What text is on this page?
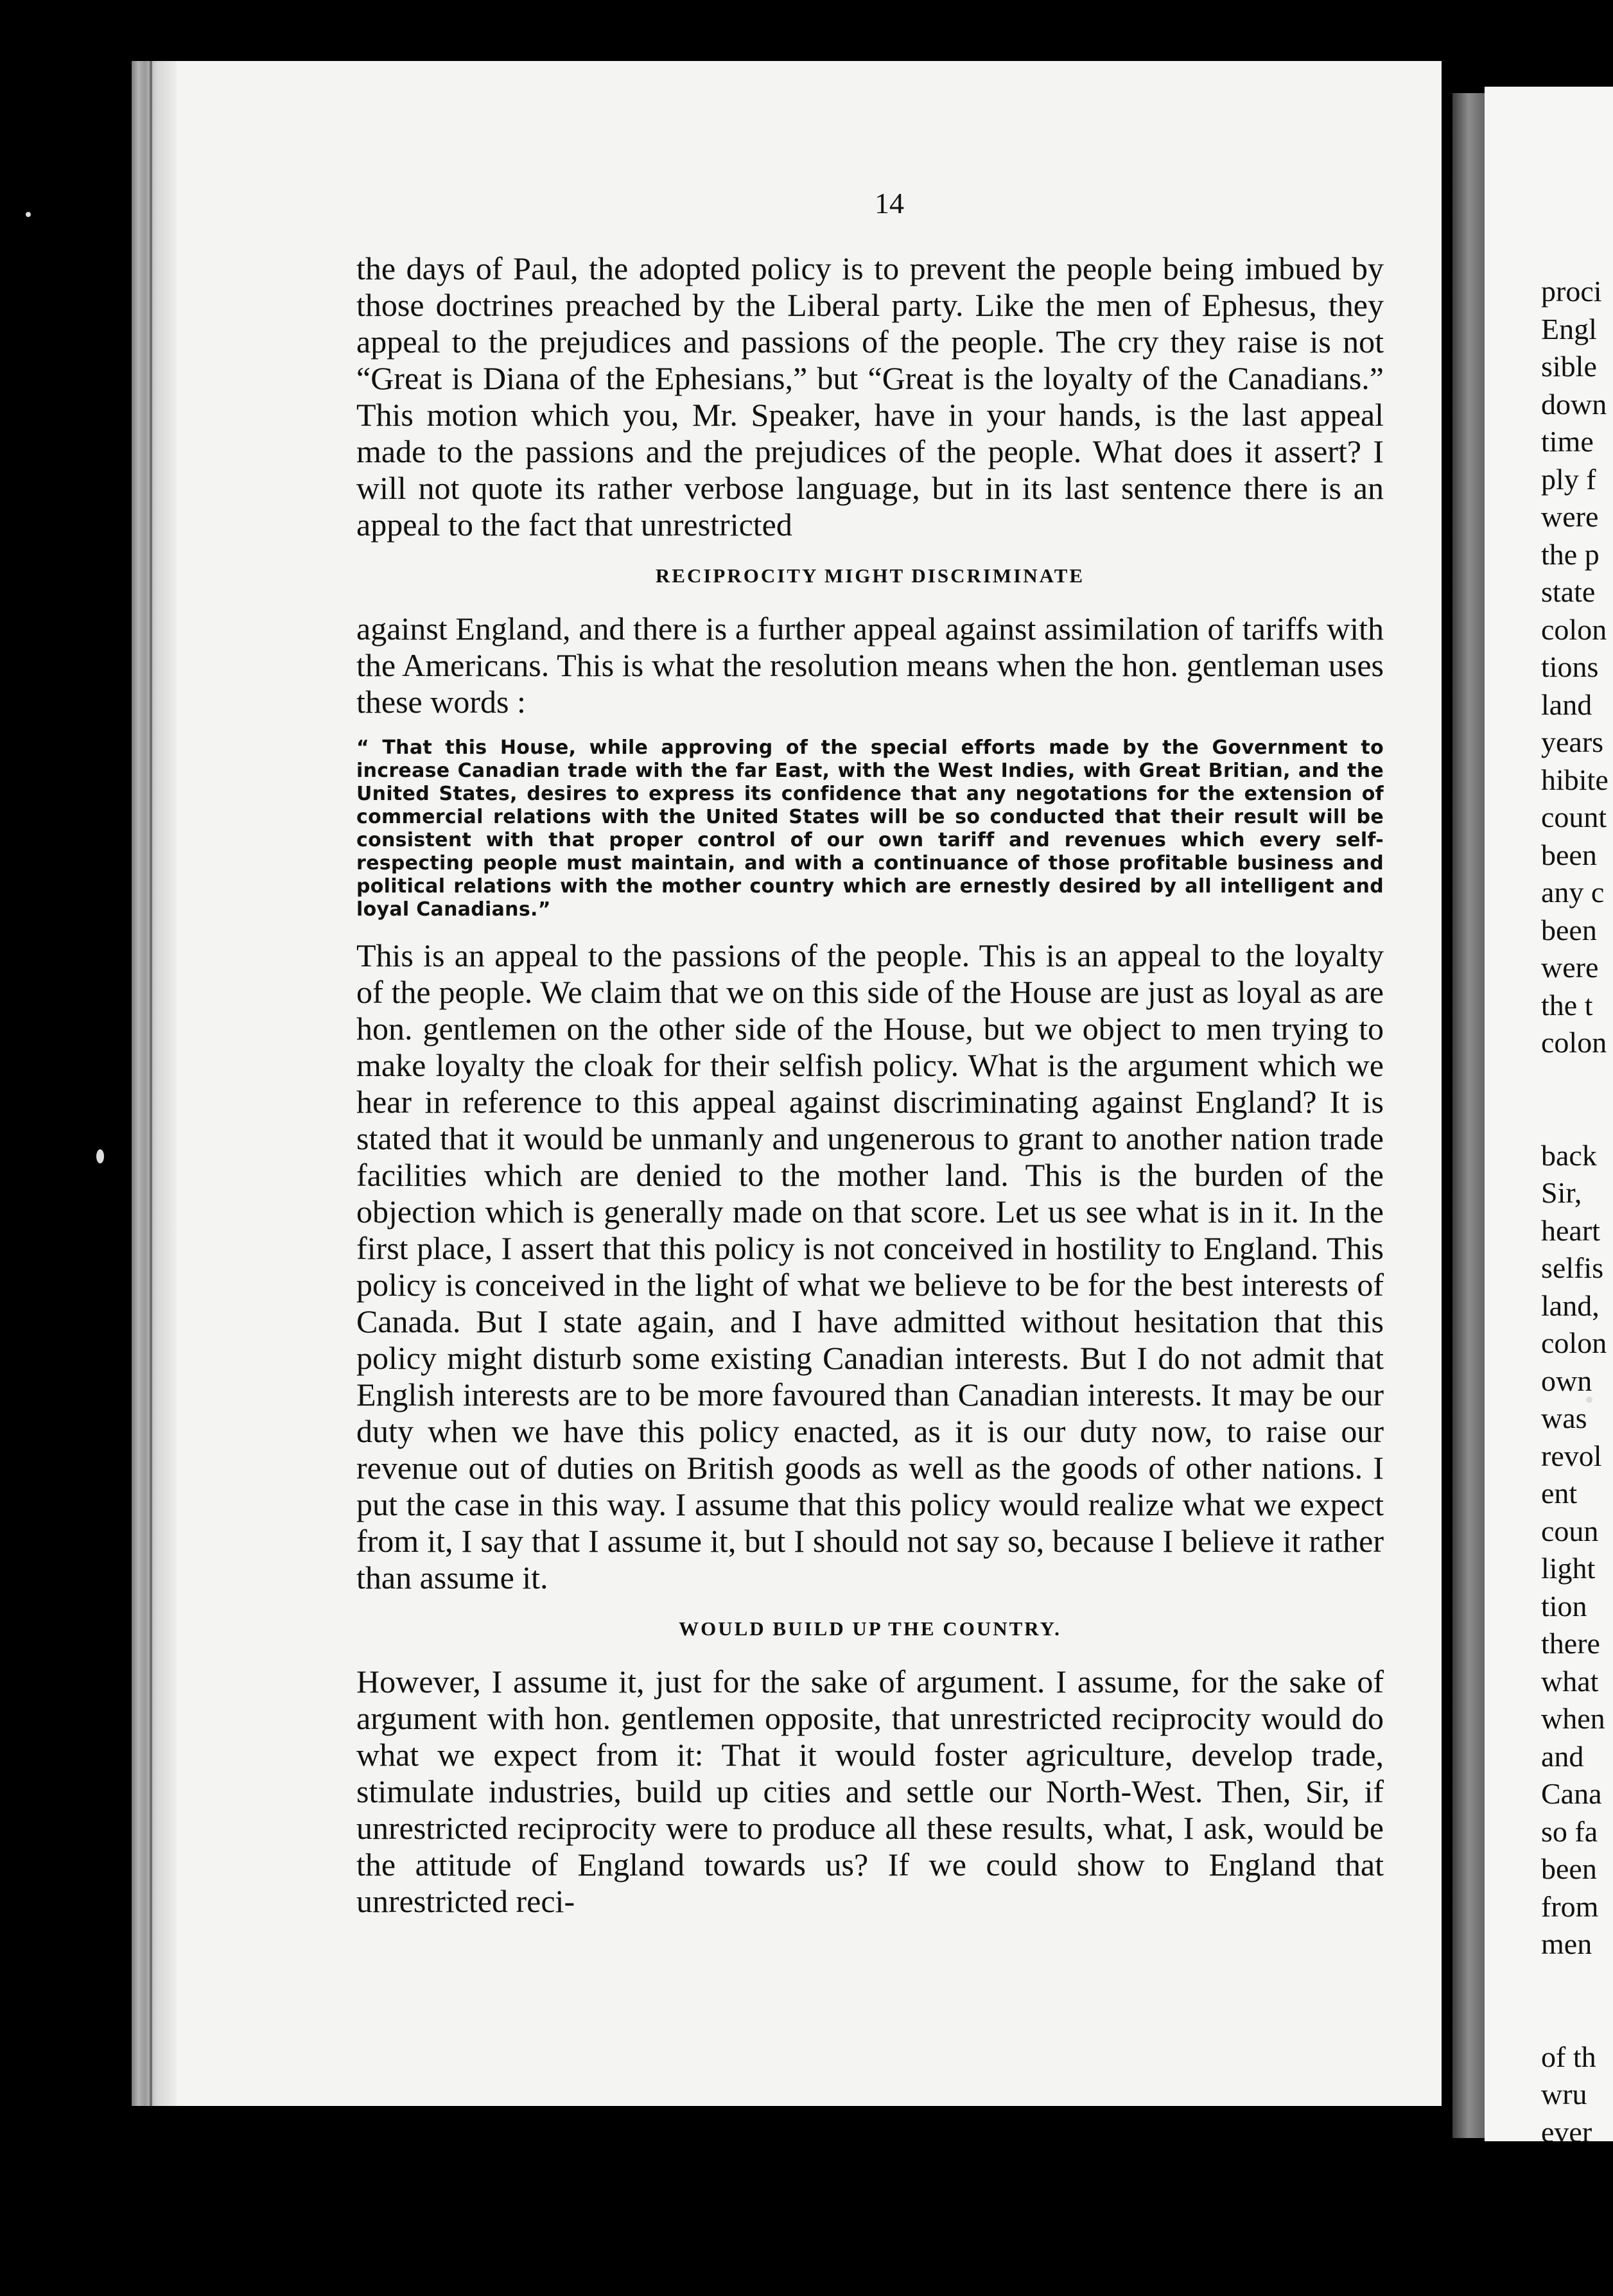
14

the days of Paul, the adopted policy is to prevent the people being imbued by those doctrines preached by the Liberal party. Like the men of Ephesus, they appeal to the prejudices and passions of the people. The cry they raise is not “Great is Diana of the Ephesians,” but “Great is the loyalty of the Canadians.” This motion which you, Mr. Speaker, have in your hands, is the last appeal made to the passions and the prejudices of the people. What does it assert? I will not quote its rather verbose language, but in its last sentence there is an appeal to the fact that unrestricted

RECIPROCITY MIGHT DISCRIMINATE

against England, and there is a further appeal against assimilation of tariffs with the Americans. This is what the resolution means when the hon. gentleman uses these words :

“ That this House, while approving of the special efforts made by the Government to increase Canadian trade with the far East, with the West Indies, with Great Britian, and the United States, desires to express its confidence that any negotations for the extension of commercial relations with the United States will be so conducted that their result will be consistent with that proper control of our own tariff and revenues which every self-respecting people must maintain, and with a continuance of those profitable business and political relations with the mother country which are ernestly desired by all intelligent and loyal Canadians.”

This is an appeal to the passions of the people. This is an appeal to the loyalty of the people. We claim that we on this side of the House are just as loyal as are hon. gentlemen on the other side of the House, but we object to men trying to make loyalty the cloak for their selfish policy. What is the argument which we hear in reference to this appeal against discriminating against England? It is stated that it would be unmanly and ungenerous to grant to another nation trade facilities which are denied to the mother land. This is the burden of the objection which is generally made on that score. Let us see what is in it. In the first place, I assert that this policy is not conceived in hostility to England. This policy is conceived in the light of what we believe to be for the best interests of Canada. But I state again, and I have admitted without hesitation that this policy might disturb some existing Canadian interests. But I do not admit that English interests are to be more favoured than Canadian interests. It may be our duty when we have this policy enacted, as it is our duty now, to raise our revenue out of duties on British goods as well as the goods of other nations. I put the case in this way. I assume that this policy would realize what we expect from it, I say that I assume it, but I should not say so, because I believe it rather than assume it.

WOULD BUILD UP THE COUNTRY.

However, I assume it, just for the sake of argument. I assume, for the sake of argument with hon. gentlemen opposite, that unrestricted reciprocity would do what we expect from it: That it would foster agriculture, develop trade, stimulate industries, build up cities and settle our North-West. Then, Sir, if unrestricted reciprocity were to produce all these results, what, I ask, would be the attitude of England towards us? If we could show to England that unrestricted reci-

proci
Engl
sible
down
time
ply f
were
the p
state
colon
tions
land
years
hibite
count
been
any c
been
were
the t
colon
back
Sir,
heart
selfis
land,
colon
own
was
revol
ent
coun
light
tion
there
what
when
and
Cana
so fa
been
from
men
of th
wru
ever
